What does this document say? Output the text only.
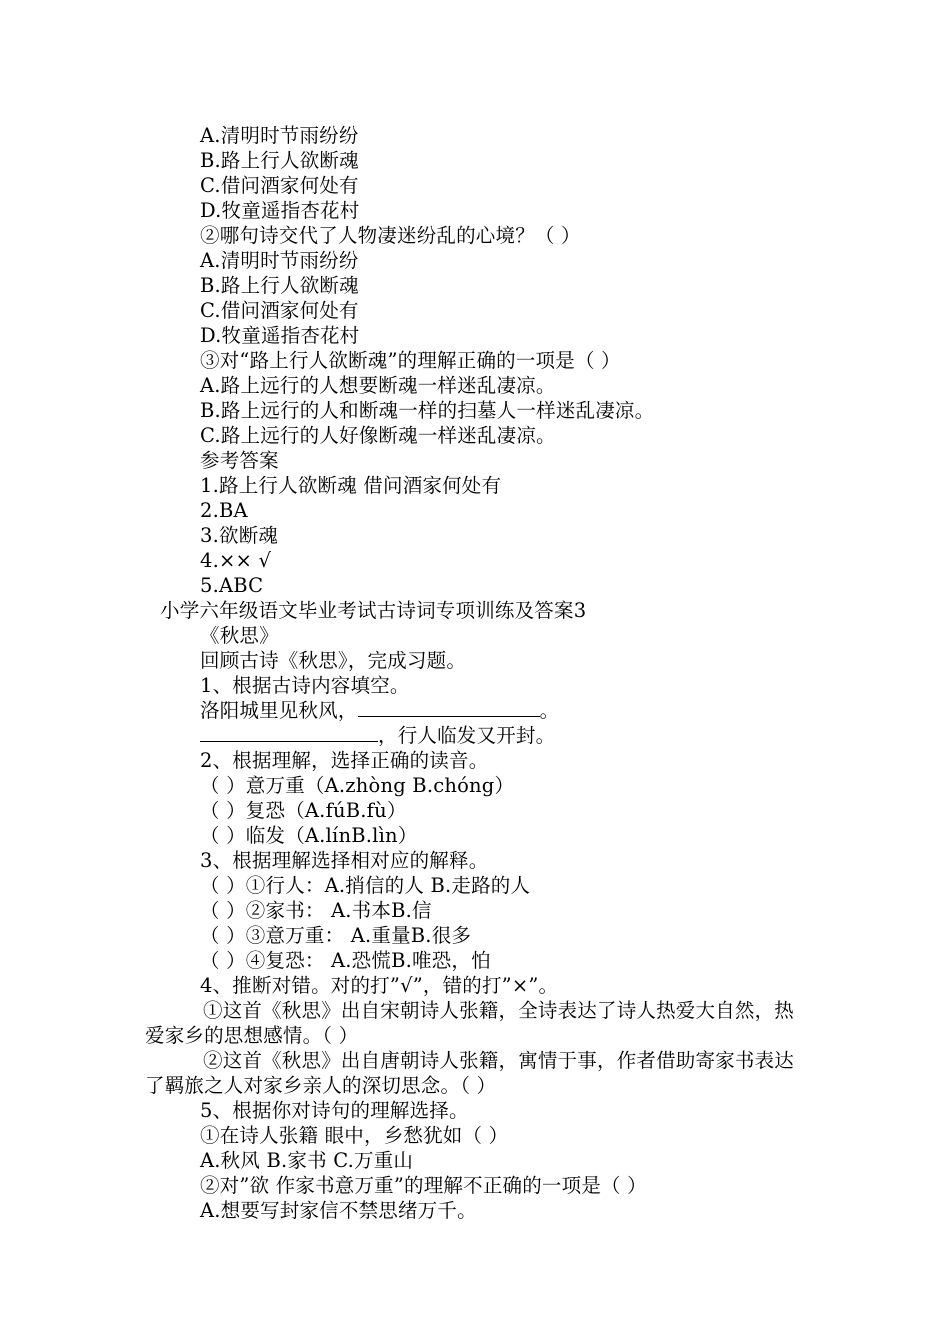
A.清明时节雨纷纷
B.路上行人欲断魂
C.借问酒家何处有
D.牧童遥指杏花村
②哪句诗交代了人物凄迷纷乱的心境？（ ）
A.清明时节雨纷纷
B.路上行人欲断魂
C.借问酒家何处有
D.牧童遥指杏花村
③对“路上行人欲断魂”的理解正确的一项是（ ）
A.路上远行的人想要断魂一样迷乱凄凉。
B.路上远行的人和断魂一样的扫墓人一样迷乱凄凉。
C.路上远行的人好像断魂一样迷乱凄凉。
参考答案
1.路上行人欲断魂 借问酒家何处有
2.BA
3.欲断魂
4.×× √
5.ABC
小学六年级语文毕业考试古诗词专项训练及答案3
《秋思》
回顾古诗《秋思》，完成习题。
1、根据古诗内容填空。
洛阳城里见秋风，	。
，行人临发又开封。
2、根据理解，选择正确的读音。
（ ）意万重（A.zhòng B.chóng）
（ ）复恐（A.fúB.fù）
（ ）临发（A.línB.lìn）
3、根据理解选择相对应的解释。
（ ）①行人：A.捎信的人 B.走路的人
（ ）②家书： A.书本B.信
（ ）③意万重： A.重量B.很多
（ ）④复恐： A.恐慌B.唯恐，怕
4、推断对错。对的打”√”，错的打”×”。
①这首《秋思》出自宋朝诗人张籍，全诗表达了诗人热爱大自然，热爱家乡的思想感情。（ ）
②这首《秋思》出自唐朝诗人张籍，寓情于事，作者借助寄家书表达了羁旅之人对家乡亲人的深切思念。（ ）
5、根据你对诗句的理解选择。
①在诗人张籍 眼中，乡愁犹如（ ）
A.秋风 B.家书 C.万重山
②对”欲 作家书意万重”的理解不正确的一项是（ ）
A.想要写封家信不禁思绪万千。
